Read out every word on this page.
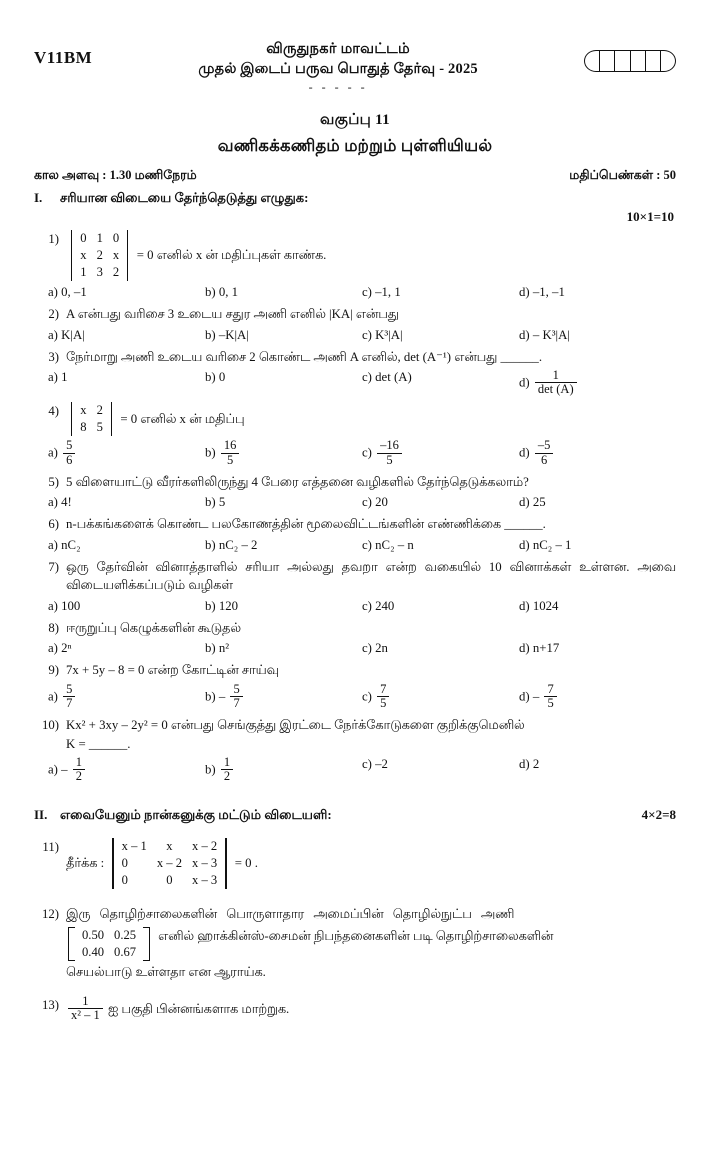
V11BM	விருதுநகர் மாவட்டம்
முதல் இடைப் பருவ பொதுத் தேர்வு - 2025
- - - - -
வகுப்பு 11
வணிகக்கணிதம் மற்றும் புள்ளியியல்
கால அளவு : 1.30 மணிநேரம்	மதிப்பெண்கள் : 50
I.	சரியான விடையை தேர்ந்தெடுத்து எழுதுக:
10×1=10
1)	0	1	0
x	2	x
1	3	2
= 0 எனில் x ன் மதிப்புகள் காண்க.
a) 0, –1	b) 0, 1	c) –1, 1	d) –1, –1
2) A என்பது வரிசை 3 உடைய சதுர அணி எனில் |KA| என்பது
a) K|A|	b) –K|A|	c) K³|A|	d) – K³|A|
3) நேர்மாறு அணி உடைய வரிசை 2 கொண்ட அணி A எனில், det (A⁻¹) என்பது ______.
a) 1	b) 0	c) det (A)	$d) \frac{1}{\det (A)}$
4)	x	2
8	5
= 0 எனில் x ன் மதிப்பு
$a) \frac{5}{6}$	$b) \frac{16}{5}$	$c) \frac{-16}{5}$	$d) \frac{-5}{6}$
5) 5 விளையாட்டு வீரர்களிலிருந்து 4 பேரை எத்தனை வழிகளில் தேர்ந்தெடுக்கலாம்?
a) 4!	b) 5	c) 20	d) 25
6) n-பக்கங்களைக் கொண்ட பலகோணத்தின் மூலைவிட்டங்களின் எண்ணிக்கை ______.
a) nC₂	b) nC₂ – 2	c) nC₂ – n	d) nC₂ – 1
7) ஒரு தேர்வின் வினாத்தாளில் சரியா அல்லது தவறா என்ற வகையில் 10 வினாக்கள் உள்ளன. அவை விடையளிக்கப்படும் வழிகள்
a) 100	b) 120	c) 240	d) 1024
8) ஈருறுப்பு கெழுக்களின் கூடுதல்
a) 2ⁿ	b) n²	c) 2n	d) n+17
9) 7x + 5y – 8 = 0 என்ற கோட்டின் சாய்வு
$a) \frac{5}{7}$	$b) - \frac{5}{7}$	$c) \frac{7}{5}$	$d) - \frac{7}{5}$
10) Kx² + 3xy – 2y² = 0 என்பது செங்குத்து இரட்டை நேர்க்கோடுகளை குறிக்குமெனில்
K = ______.
$a) - \frac{1}{2}$	$b) \frac{1}{2}$	c) –2	d) 2
II. எவையேனும் நான்கனுக்கு மட்டும் விடையளி:	4×2=8
11)
தீர்க்க :
x – 1	x	x – 2
0	x – 2	x – 3
0	0	x – 3
= 0 .
12) இரு தொழிற்சாலைகளின் பொருளாதார அமைப்பின் தொழில்நுட்ப அணி
0.50	0.25
0.40	0.67
எனில் ஹாக்கின்ஸ்-சைமன் நிபந்தனைகளின் படி தொழிற்சாலைகளின்
செயல்பாடு உள்ளதா என ஆராய்க.
$13) \frac{1}{\text{x² – 1}}$ ஐ பகுதி பின்னங்களாக மாற்றுக.
